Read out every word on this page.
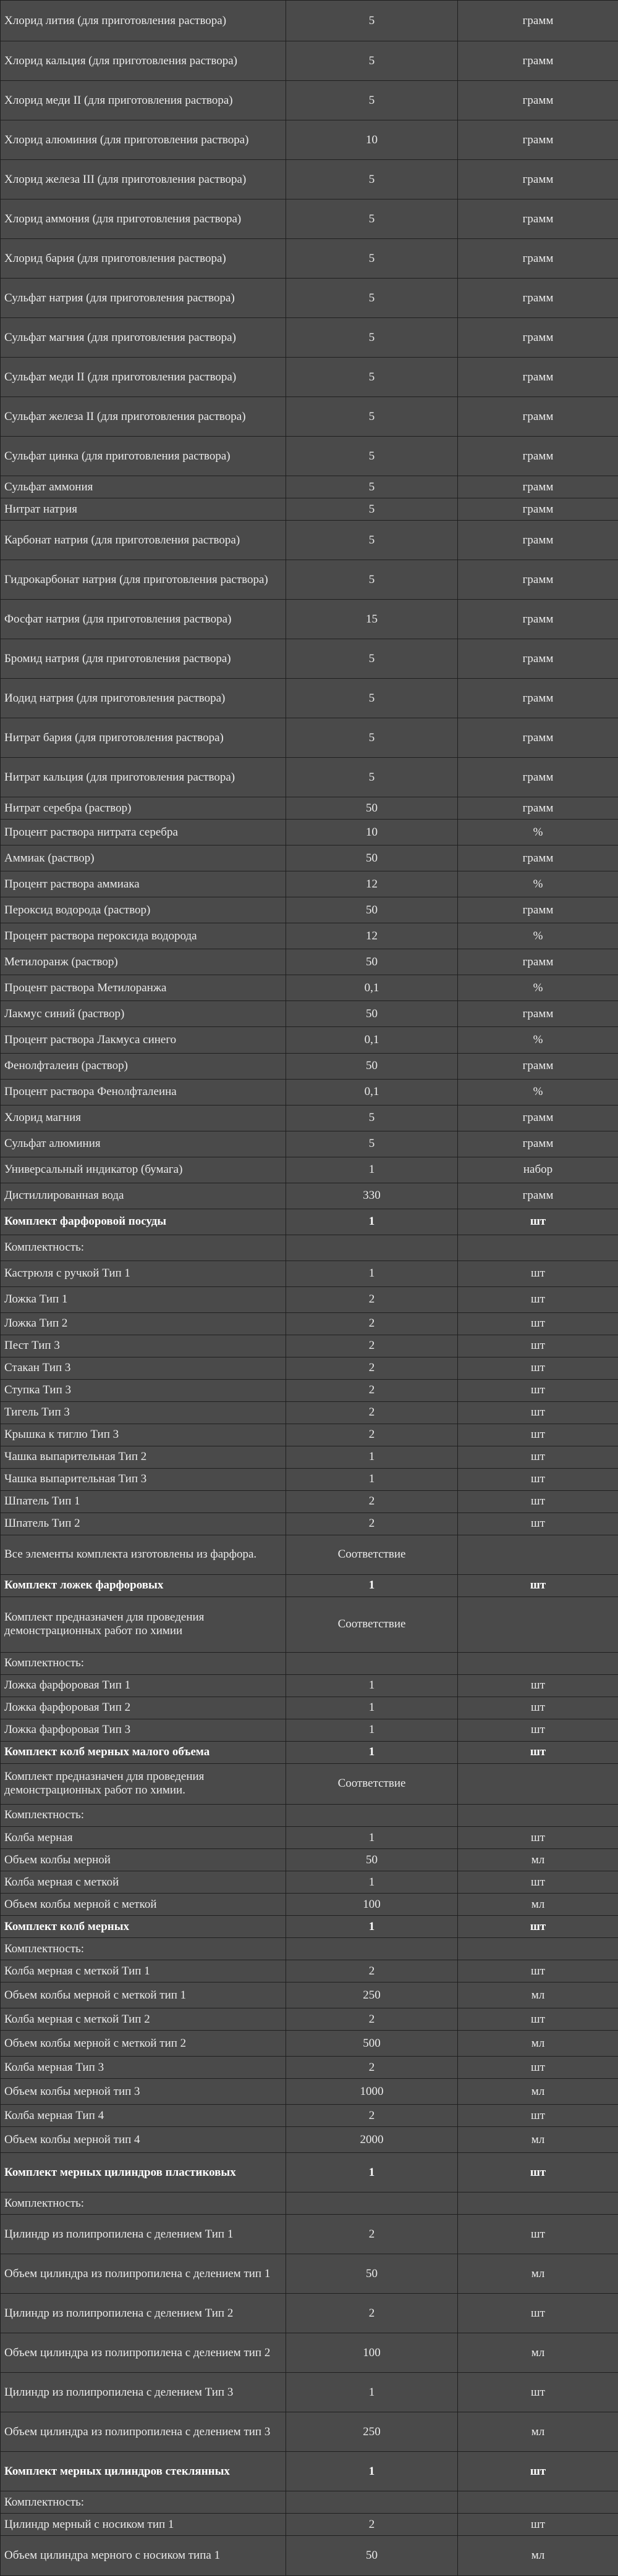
Хлорид лития (для приготовления раствора)	5	грамм
Хлорид кальция (для приготовления раствора)	5	грамм
Хлорид меди II (для приготовления раствора)	5	грамм
Хлорид алюминия (для приготовления раствора)	10	грамм
Хлорид железа III (для приготовления раствора)	5	грамм
Хлорид аммония (для приготовления раствора)	5	грамм
Хлорид бария (для приготовления раствора)	5	грамм
Сульфат натрия (для приготовления раствора)	5	грамм
Сульфат магния (для приготовления раствора)	5	грамм
Сульфат меди II (для приготовления раствора)	5	грамм
Сульфат железа II (для приготовления раствора)	5	грамм
Сульфат цинка (для приготовления раствора)	5	грамм
Сульфат аммония	5	грамм
Нитрат натрия	5	грамм
Карбонат натрия (для приготовления раствора)	5	грамм
Гидрокарбонат натрия (для приготовления раствора)	5	грамм
Фосфат натрия (для приготовления раствора)	15	грамм
Бромид натрия (для приготовления раствора)	5	грамм
Иодид натрия (для приготовления раствора)	5	грамм
Нитрат бария (для приготовления раствора)	5	грамм
Нитрат кальция (для приготовления раствора)	5	грамм
Нитрат серебра (раствор)	50	грамм
Процент раствора нитрата серебра	10	%
Аммиак (раствор)	50	грамм
Процент раствора аммиака	12	%
Пероксид водорода (раствор)	50	грамм
Процент раствора пероксида водорода	12	%
Метилоранж (раствор)	50	грамм
Процент раствора Метилоранжа	0,1	%
Лакмус синий (раствор)	50	грамм
Процент раствора Лакмуса синего	0,1	%
Фенолфталеин (раствор)	50	грамм
Процент раствора Фенолфталеина	0,1	%
Хлорид магния	5	грамм
Сульфат алюминия	5	грамм
Универсальный индикатор (бумага)	1	набор
Дистиллированная вода	330	грамм
Комплект фарфоровой посуды	1	шт
Комплектность:		
Кастрюля с ручкой Тип 1	1	шт
Ложка Тип 1	2	шт
Ложка Тип 2	2	шт
Пест Тип 3	2	шт
Стакан Тип 3	2	шт
Ступка Тип 3	2	шт
Тигель Тип 3	2	шт
Крышка к тиглю Тип 3	2	шт
Чашка выпарительная Тип 2	1	шт
Чашка выпарительная Тип 3	1	шт
Шпатель Тип 1	2	шт
Шпатель Тип 2	2	шт
Все элементы комплекта изготовлены из фарфора.	Соответствие	
Комплект ложек фарфоровых	1	шт
Комплект предназначен для проведения демонстрационных работ по химии	Соответствие	
Комплектность:		
Ложка фарфоровая Тип 1	1	шт
Ложка фарфоровая Тип 2	1	шт
Ложка фарфоровая Тип 3	1	шт
Комплект колб мерных малого объема	1	шт
Комплект предназначен для проведения демонстрационных работ по химии.	Соответствие	
Комплектность:		
Колба мерная	1	шт
Объем колбы мерной	50	мл
Колба мерная с меткой	1	шт
Объем колбы мерной с меткой	100	мл
Комплект колб мерных	1	шт
Комплектность:		
Колба мерная с меткой Тип 1	2	шт
Объем колбы мерной с меткой тип 1	250	мл
Колба мерная с меткой Тип 2	2	шт
Объем колбы мерной с меткой тип 2	500	мл
Колба мерная Тип 3	2	шт
Объем колбы мерной тип 3	1000	мл
Колба мерная Тип 4	2	шт
Объем колбы мерной тип 4	2000	мл
Комплект мерных цилиндров пластиковых	1	шт
Комплектность:		
Цилиндр из полипропилена с делением Тип 1	2	шт
Объем цилиндра из полипропилена с делением тип 1	50	мл
Цилиндр из полипропилена с делением Тип 2	2	шт
Объем цилиндра из полипропилена с делением тип 2	100	мл
Цилиндр из полипропилена с делением Тип 3	1	шт
Объем цилиндра из полипропилена с делением тип 3	250	мл
Комплект мерных цилиндров стеклянных	1	шт
Комплектность:		
Цилиндр мерный с носиком тип 1	2	шт
Объем цилиндра мерного с носиком типа 1	50	мл
